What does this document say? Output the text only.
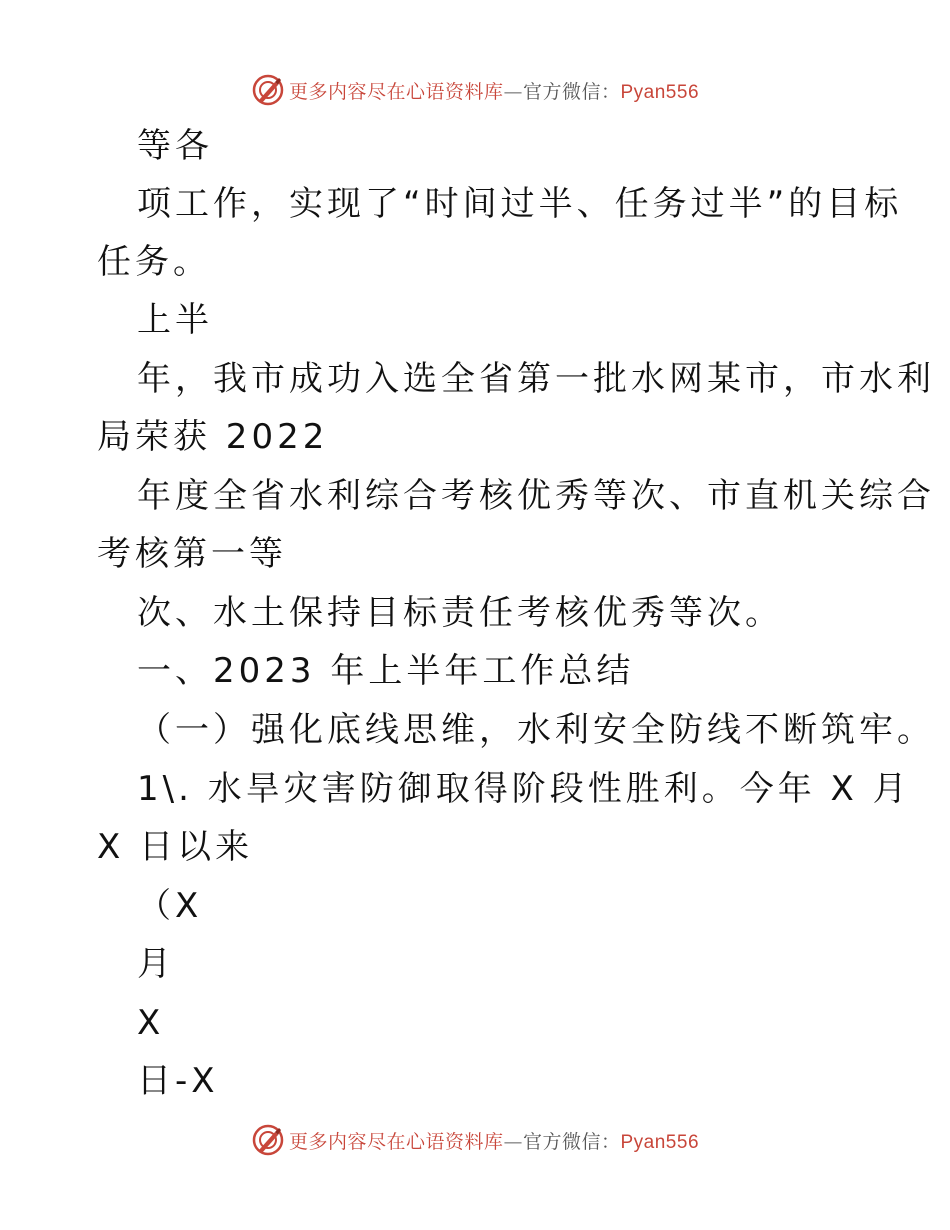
更多内容尽在心语资料库—官方微信：Pyan556
等各
项工作，实现了“时间过半、任务过半”的目标
任务。
上半
年，我市成功入选全省第一批水网某市，市水利
局荣获 2022
年度全省水利综合考核优秀等次、市直机关综合
考核第一等
次、水土保持目标责任考核优秀等次。
一、2023 年上半年工作总结
（一）强化底线思维，水利安全防线不断筑牢。
1\. 水旱灾害防御取得阶段性胜利。今年 X 月
X 日以来
（X
月
X
日-X
更多内容尽在心语资料库—官方微信：Pyan556
